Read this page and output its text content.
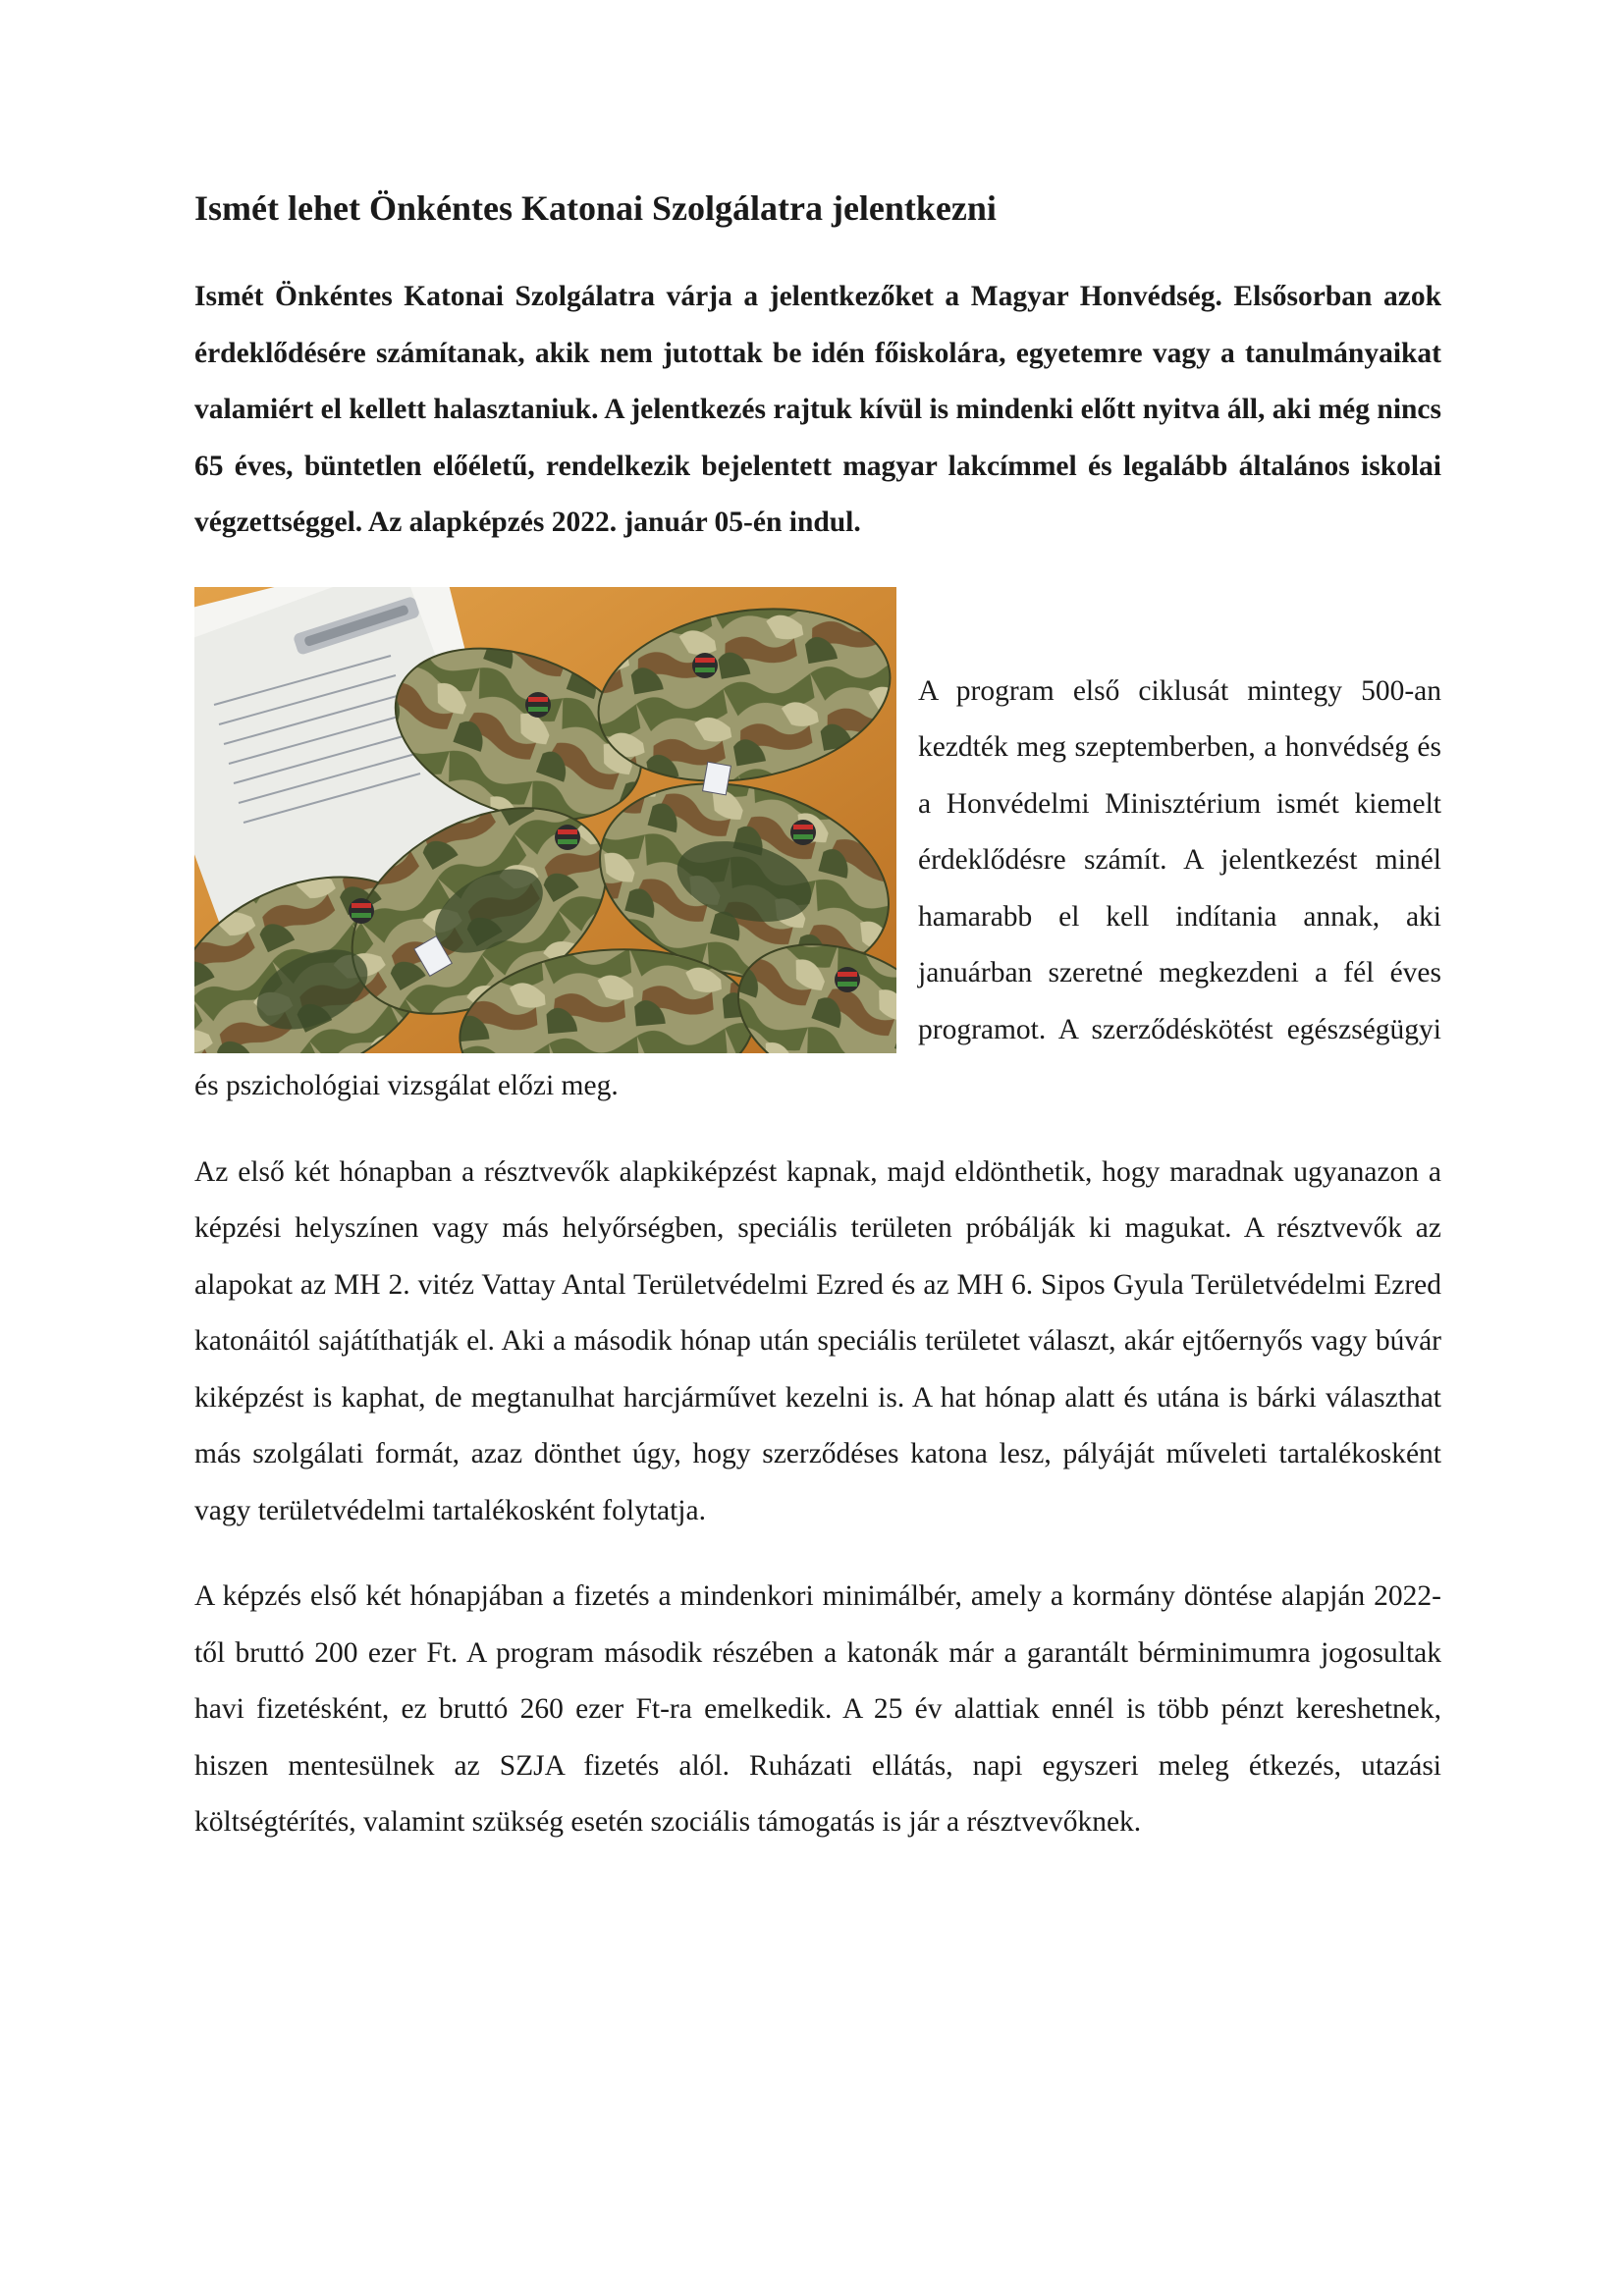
Ismét lehet Önkéntes Katonai Szolgálatra jelentkezni

Ismét Önkéntes Katonai Szolgálatra várja a jelentkezőket a Magyar Honvédség. Elsősorban azok érdeklődésére számítanak, akik nem jutottak be idén főiskolára, egyetemre vagy a tanulmányaikat valamiért el kellett halasztaniuk. A jelentkezés rajtuk kívül is mindenki előtt nyitva áll, aki még nincs 65 éves, büntetlen előéletű, rendelkezik bejelentett magyar lakcímmel és legalább általános iskolai végzettséggel. Az alapképzés 2022. január 05-én indul.

A program első ciklusát mintegy 500-an kezdték meg szeptemberben, a honvédség és a Honvédelmi Minisztérium ismét kiemelt érdeklődésre számít. A jelentkezést minél hamarabb el kell indítania annak, aki januárban szeretné megkezdeni a fél éves programot. A szerződéskötést egészségügyi és pszichológiai vizsgálat előzi meg.

Az első két hónapban a résztvevők alapkiképzést kapnak, majd eldönthetik, hogy maradnak ugyanazon a képzési helyszínen vagy más helyőrségben, speciális területen próbálják ki magukat. A résztvevők az alapokat az MH 2. vitéz Vattay Antal Területvédelmi Ezred és az MH 6. Sipos Gyula Területvédelmi Ezred katonáitól sajátíthatják el. Aki a második hónap után speciális területet választ, akár ejtőernyős vagy búvár kiképzést is kaphat, de megtanulhat harcjárművet kezelni is. A hat hónap alatt és utána is bárki választhat más szolgálati formát, azaz dönthet úgy, hogy szerződéses katona lesz, pályáját műveleti tartalékosként vagy területvédelmi tartalékosként folytatja.

A képzés első két hónapjában a fizetés a mindenkori minimálbér, amely a kormány döntése alapján 2022-től bruttó 200 ezer Ft. A program második részében a katonák már a garantált bérminimumra jogosultak havi fizetésként, ez bruttó 260 ezer Ft-ra emelkedik. A 25 év alattiak ennél is több pénzt kereshetnek, hiszen mentesülnek az SZJA fizetés alól. Ruházati ellátás, napi egyszeri meleg étkezés, utazási költségtérítés, valamint szükség esetén szociális támogatás is jár a résztvevőknek.
